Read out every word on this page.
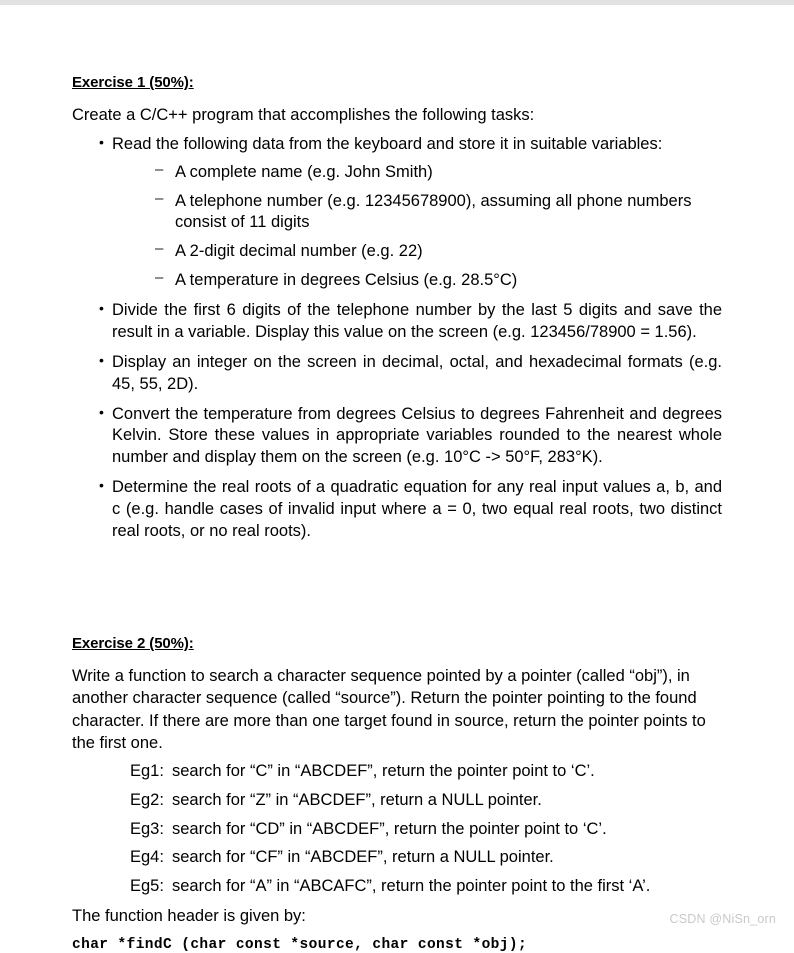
Exercise 1 (50%):

Create a C/C++ program that accomplishes the following tasks:

• Read the following data from the keyboard and store it in suitable variables:
– A complete name (e.g. John Smith)
– A telephone number (e.g. 12345678900), assuming all phone numbers consist of 11 digits
– A 2-digit decimal number (e.g. 22)
– A temperature in degrees Celsius (e.g. 28.5°C)
• Divide the first 6 digits of the telephone number by the last 5 digits and save the result in a variable. Display this value on the screen (e.g. 123456/78900 = 1.56).
• Display an integer on the screen in decimal, octal, and hexadecimal formats (e.g. 45, 55, 2D).
• Convert the temperature from degrees Celsius to degrees Fahrenheit and degrees Kelvin. Store these values in appropriate variables rounded to the nearest whole number and display them on the screen (e.g. 10°C -> 50°F, 283°K).
• Determine the real roots of a quadratic equation for any real input values a, b, and c (e.g. handle cases of invalid input where a = 0, two equal real roots, two distinct real roots, or no real roots).
Exercise 2 (50%):

Write a function to search a character sequence pointed by a pointer (called “obj”), in another character sequence (called “source”). Return the pointer pointing to the found character. If there are more than one target found in source, return the pointer points to the first one.

Eg1: search for “C” in “ABCDEF”, return the pointer point to ‘C’.
Eg2: search for “Z” in “ABCDEF”, return a NULL pointer.
Eg3: search for “CD” in “ABCDEF”, return the pointer point to ‘C’.
Eg4: search for “CF” in “ABCDEF”, return a NULL pointer.
Eg5: search for “A” in “ABCAFC”, return the pointer point to the first ‘A’.

The function header is given by:

char *findC (char const *source, char const *obj);
CSDN @NiSn_orn
